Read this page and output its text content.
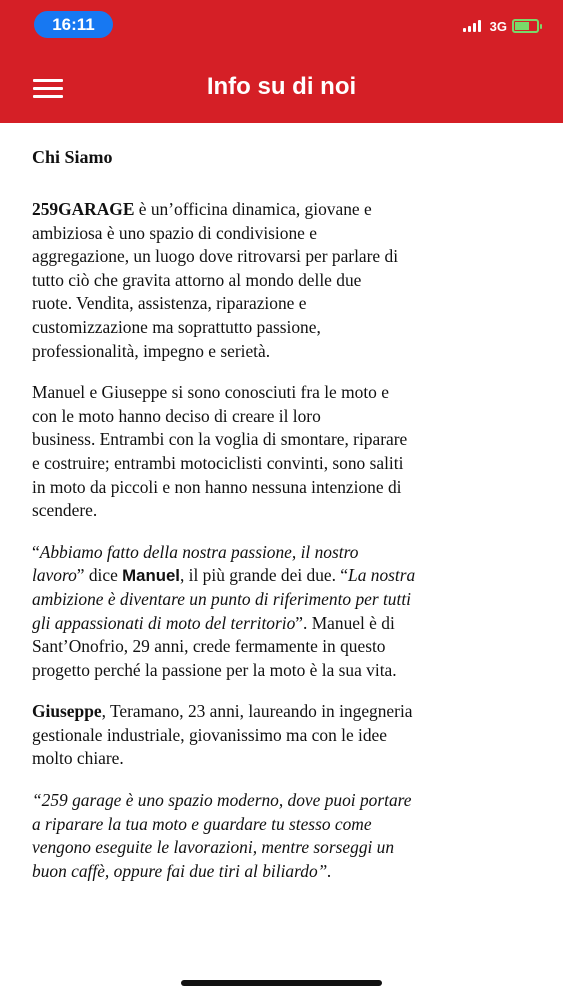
16:11	3G
Info su di noi
Chi Siamo

259GARAGE è un’officina dinamica, giovane e

ambiziosa è uno spazio di condivisione e

aggregazione, un luogo dove ritrovarsi per parlare di

tutto ciò che gravita attorno al mondo delle due

ruote. Vendita, assistenza, riparazione e

customizzazione ma soprattutto passione,

professionalità, impegno e serietà.

Manuel e Giuseppe si sono conosciuti fra le moto e

con le moto hanno deciso di creare il loro

business. Entrambi con la voglia di smontare, riparare

e costruire; entrambi motociclisti convinti, sono saliti

in moto da piccoli e non hanno nessuna intenzione di

scendere.

“Abbiamo fatto della nostra passione, il nostro

lavoro” dice Manuel, il più grande dei due. “La nostra

ambizione è diventare un punto di riferimento per tutti

gli appassionati di moto del territorio”. Manuel è di

Sant’Onofrio, 29 anni, crede fermamente in questo

progetto perché la passione per la moto è la sua vita.

Giuseppe, Teramano, 23 anni, laureando in ingegneria

gestionale industriale, giovanissimo ma con le idee

molto chiare.

“259 garage è uno spazio moderno, dove puoi portare

a riparare la tua moto e guardare tu stesso come

vengono eseguite le lavorazioni, mentre sorseggi un

buon caffè, oppure fai due tiri al biliardo”.
